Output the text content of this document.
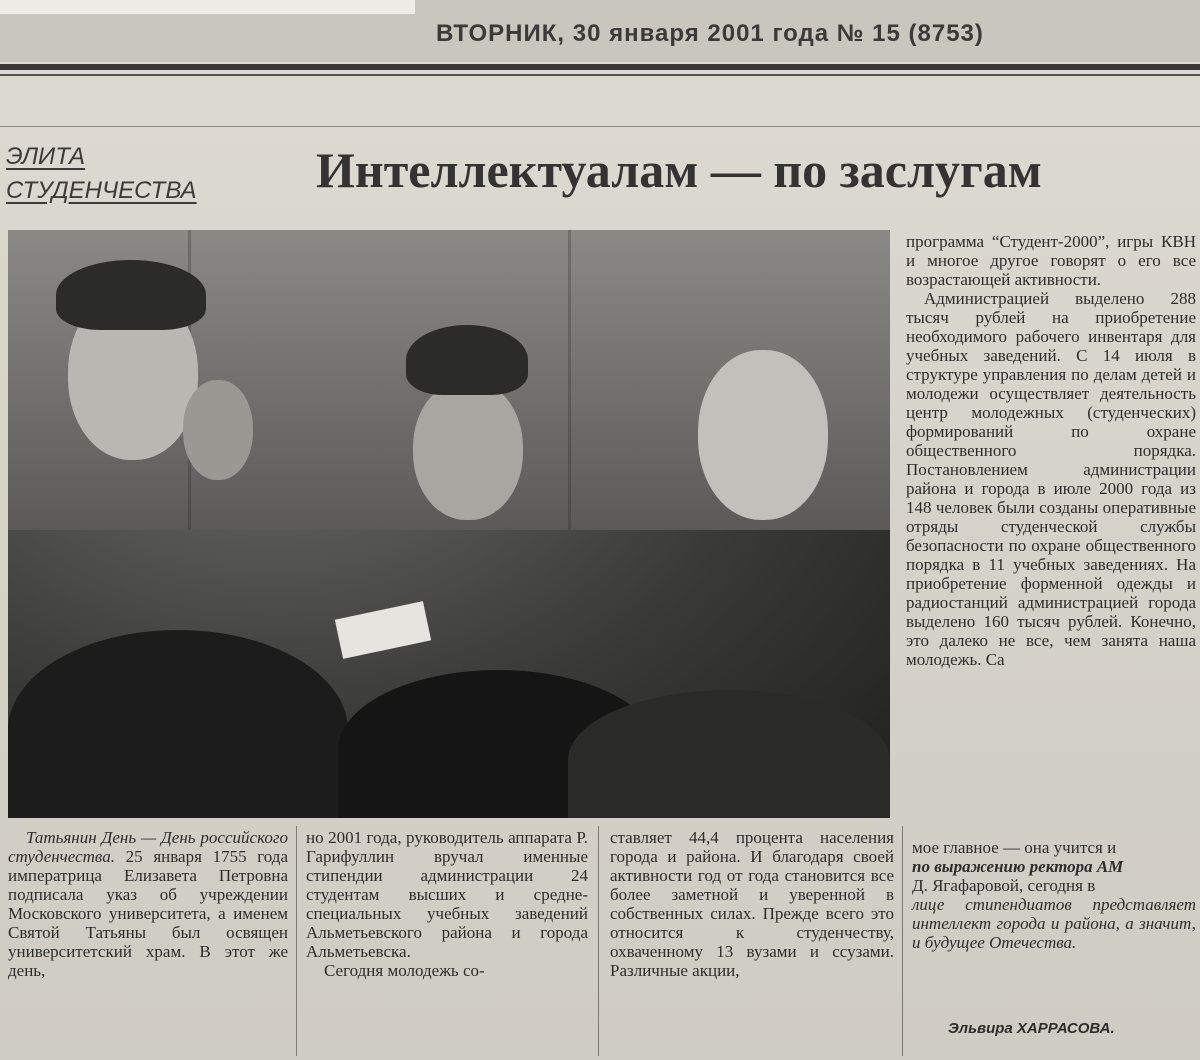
ВТОРНИК, 30 января 2001 года № 15 (8753)
ЭЛИТА
СТУДЕНЧЕСТВА	Интеллектуалам — по заслугам

программа “Студент-2000”, игры КВН и многое другое говорят о его все возрастающей активности.

Администрацией выделено 288 тысяч рублей на приобретение необходимого рабочего инвентаря для учебных заведений. С 14 июля в структуре управления по делам детей и молодежи осуществляет деятельность центр молодежных (студенческих) формирований по охране общественного порядка. Постановлением администрации района и города в июле 2000 года из 148 человек были созданы оперативные отряды студенческой службы безопасности по охране общественного порядка в 11 учебных заведениях. На приобретение форменной одежды и радиостанций администрацией города выделено 160 тысяч рублей. Конечно, это далеко не все, чем занята наша молодежь. Са

Татьянин День — День российского студенчества. 25 января 1755 года императрица Елизавета Петровна подписала указ об учреждении Московского университета, а именем Святой Татьяны был освящен университетский храм. В этот же день,

но 2001 года, руководитель аппарата Р. Гарифуллин вручал именные стипендии администрации 24 студентам высших и средне-специальных учебных заведений Альметьевского района и города Альметьевска.

Сегодня молодежь со-

ставляет 44,4 процента населения города и района. И благодаря своей активности год от года становится все более заметной и уверенной в собственных силах. Прежде всего это относится к студенчеству, охваченному 13 вузами и ссузами. Различные акции,

мое главное — она учится и

по выражению ректора АМ

Д. Ягафаровой, сегодня в

лице стипендиатов представляет интеллект города и района, а значит, и будущее Отечества.

Эльвира ХАРРАСОВА.
